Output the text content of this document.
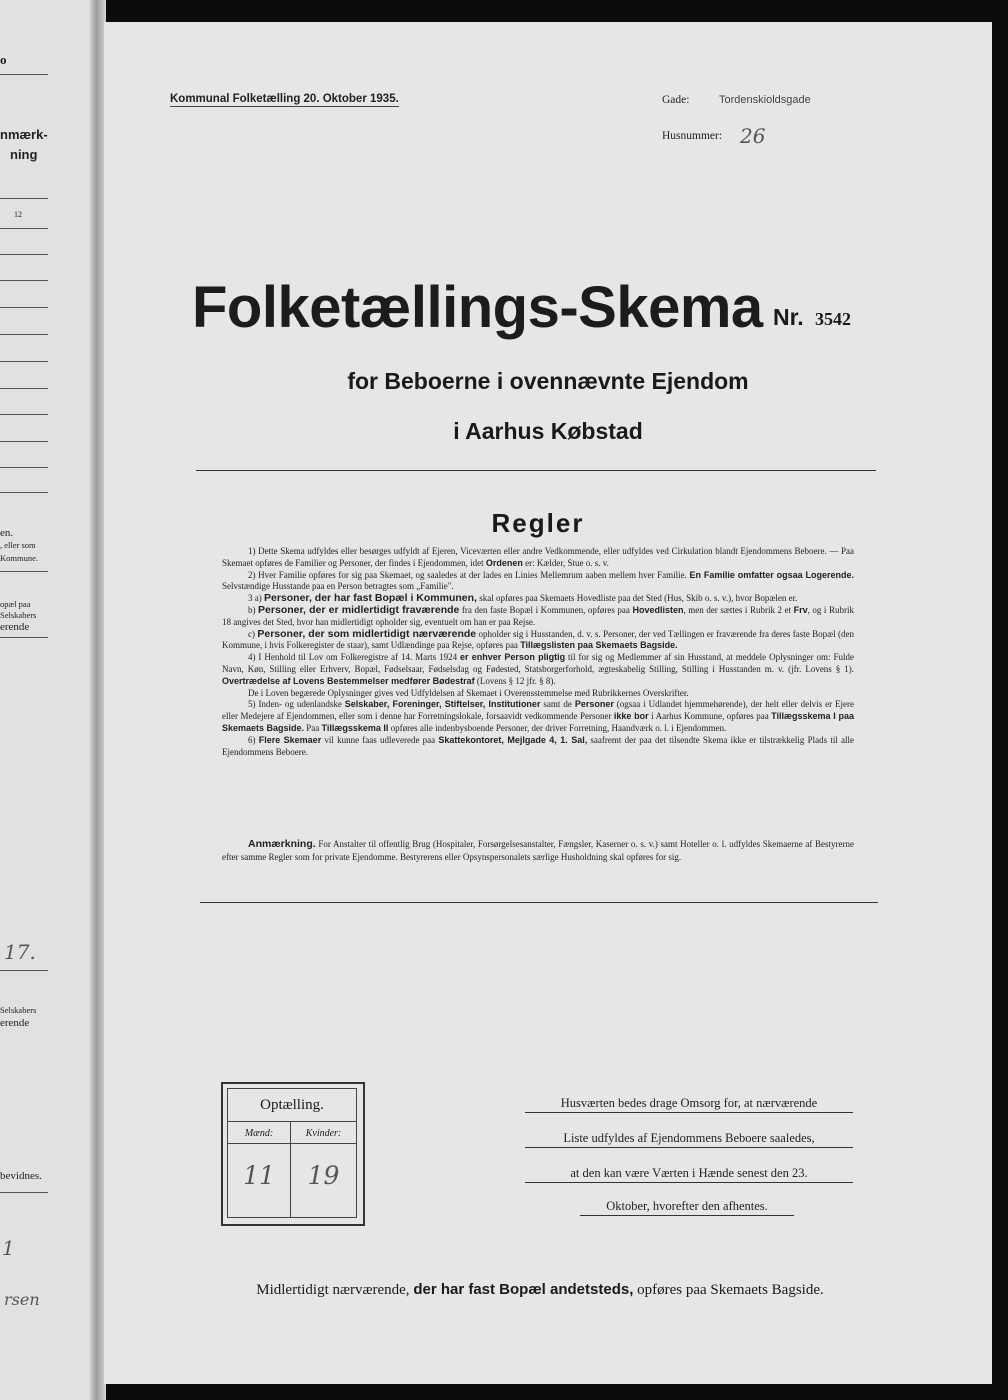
o
nmærk-
ning
12
en.
, eller som
Kommune.
opæl paa
Selskabers
erende
Selskabers
erende
bevidnes.
17.
1
rsen
Kommunal Folketælling 20. Oktober 1935.	Gade:	Tordenskioldsgade
Husnummer: 26
Folketællings-Skema Nr. 3542
for Beboerne i ovennævnte Ejendom
i Aarhus Købstad
Regler

1) Dette Skema udfyldes eller besørges udfyldt af Ejeren, Viceværten eller andre Vedkommende, eller udfyldes ved Cirkulation blandt Ejendommens Beboere. — Paa Skemaet opføres de Familier og Personer, der findes i Ejendommen, idet Ordenen er: Kælder, Stue o. s. v.

2) Hver Familie opføres for sig paa Skemaet, og saaledes at der lades en Linies Mellemrum aaben mellem hver Familie. En Familie omfatter ogsaa Logerende. Selvstændige Husstande paa en Person betragtes som „Familie".

3 a) Personer, der har fast Bopæl i Kommunen, skal opføres paa Skemaets Hovedliste paa det Sted (Hus, Skib o. s. v.), hvor Bopælen er.

b) Personer, der er midlertidigt fraværende fra den faste Bopæl i Kommunen, opføres paa Hovedlisten, men der sættes i Rubrik 2 et Frv, og i Rubrik 18 angives det Sted, hvor han midlertidigt opholder sig, eventuelt om han er paa Rejse.

c) Personer, der som midlertidigt nærværende opholder sig i Husstanden, d. v. s. Personer, der ved Tællingen er fraværende fra deres faste Bopæl (den Kommune, i hvis Folkeregister de staar), samt Udlændinge paa Rejse, opføres paa Tillægslisten paa Skemaets Bagside.

4) I Henhold til Lov om Folkeregistre af 14. Marts 1924 er enhver Person pligtig til for sig og Medlemmer af sin Husstand, at meddele Oplysninger om: Fulde Navn, Køn, Stilling eller Erhverv, Bopæl, Fødselsaar, Fødselsdag og Fødested, Statsborgerforhold, ægteskabelig Stilling, Stilling i Husstanden m. v. (jfr. Lovens § 1). Overtrædelse af Lovens Bestemmelser medfører Bødestraf (Lovens § 12 jfr. § 8).

De i Loven begærede Oplysninger gives ved Udfyldelsen af Skemaet i Overensstemmelse med Rubrikkernes Overskrifter.

5) Inden- og udenlandske Selskaber, Foreninger, Stiftelser, Institutioner samt de Personer (ogsaa i Udlandet hjemmehørende), der helt eller delvis er Ejere eller Medejere af Ejendommen, eller som i denne har Forretningslokale, forsaavidt vedkommende Personer ikke bor i Aarhus Kommune, opføres paa Tillægsskema I paa Skemaets Bagside. Paa Tillægsskema II opføres alle indenbysboende Personer, der driver Forretning, Haandværk o. l. i Ejendommen.

6) Flere Skemaer vil kunne faas udleverede paa Skattekontoret, Mejlgade 4, 1. Sal, saafremt der paa det tilsendte Skema ikke er tilstrækkelig Plads til alle Ejendommens Beboere.

Anmærkning. For Anstalter til offentlig Brug (Hospitaler, Forsørgelsesanstalter, Fængsler, Kaserner o. s. v.) samt Hoteller o. l. udfyldes Skemaerne af Bestyrerne efter samme Regler som for private Ejendomme. Bestyrerens eller Opsynspersonalets særlige Husholdning skal opføres for sig.

Optælling.
Mænd:	Kvinder:
11	19
Husværten bedes drage Omsorg for, at nærværende
Liste udfyldes af Ejendommens Beboere saaledes,
at den kan være Værten i Hænde senest den 23.
Oktober, hvorefter den afhentes.
Midlertidigt nærværende, der har fast Bopæl andetsteds, opføres paa Skemaets Bagside.
